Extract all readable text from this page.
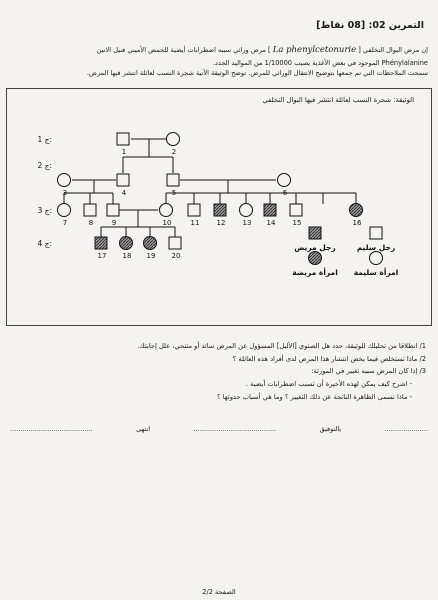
التمرين 02: [08 نقاط]
إن مرض البوال التخلفي [ La phenylcetonurie ] مرض وراثي سببه اضطرابات أيضية للحمض الأميني فنيل الانين
Phénylalanine الموجود في بعض الأغذية يصيب 1/10000 من المواليد الجدد.
سمحت الملاحظات التي تم جمعها بتوضيح الانتقال الوراثي للمرض. توضح الوثيقة الآتية شجرة النسب لعائلة انتشر فيها المرض.
الوثيقة: شجرة النسب لعائلة انتشر فيها البوال التخلفي
1	2
3	4	5	6
7	8	9	10	11 12 13 14 15	16
17 18 19 20
ج 1:
ج 2:
ج 3:
ج 4:	رجل مريض	رجل سليم
امرأة مريضة امرأة سليمة
1/ انطلاقا من تحليلك للوثيقة، حدد هل الصنوي [الأليل] المسؤول عن المرض سائد أو متنحي، علل إجابتك.
2/ ماذا تستخلص فيما يخص انتشار هذا المرض لدى أفراد هذه العائلة ؟
3/ إذا كان المرض سببه تغيير في المورثة:
- اشرح كيف يمكن لهذه الأخيرة أن تسبب اضطرابات أيضية .
- ماذا تسمى الظاهرة الناتجة عن ذلك التغيير ؟ وما هي أسباب حدوثها ؟
........................................	انتهى	........................................	بالتوفيق	.....................
الصفحة 2/2
